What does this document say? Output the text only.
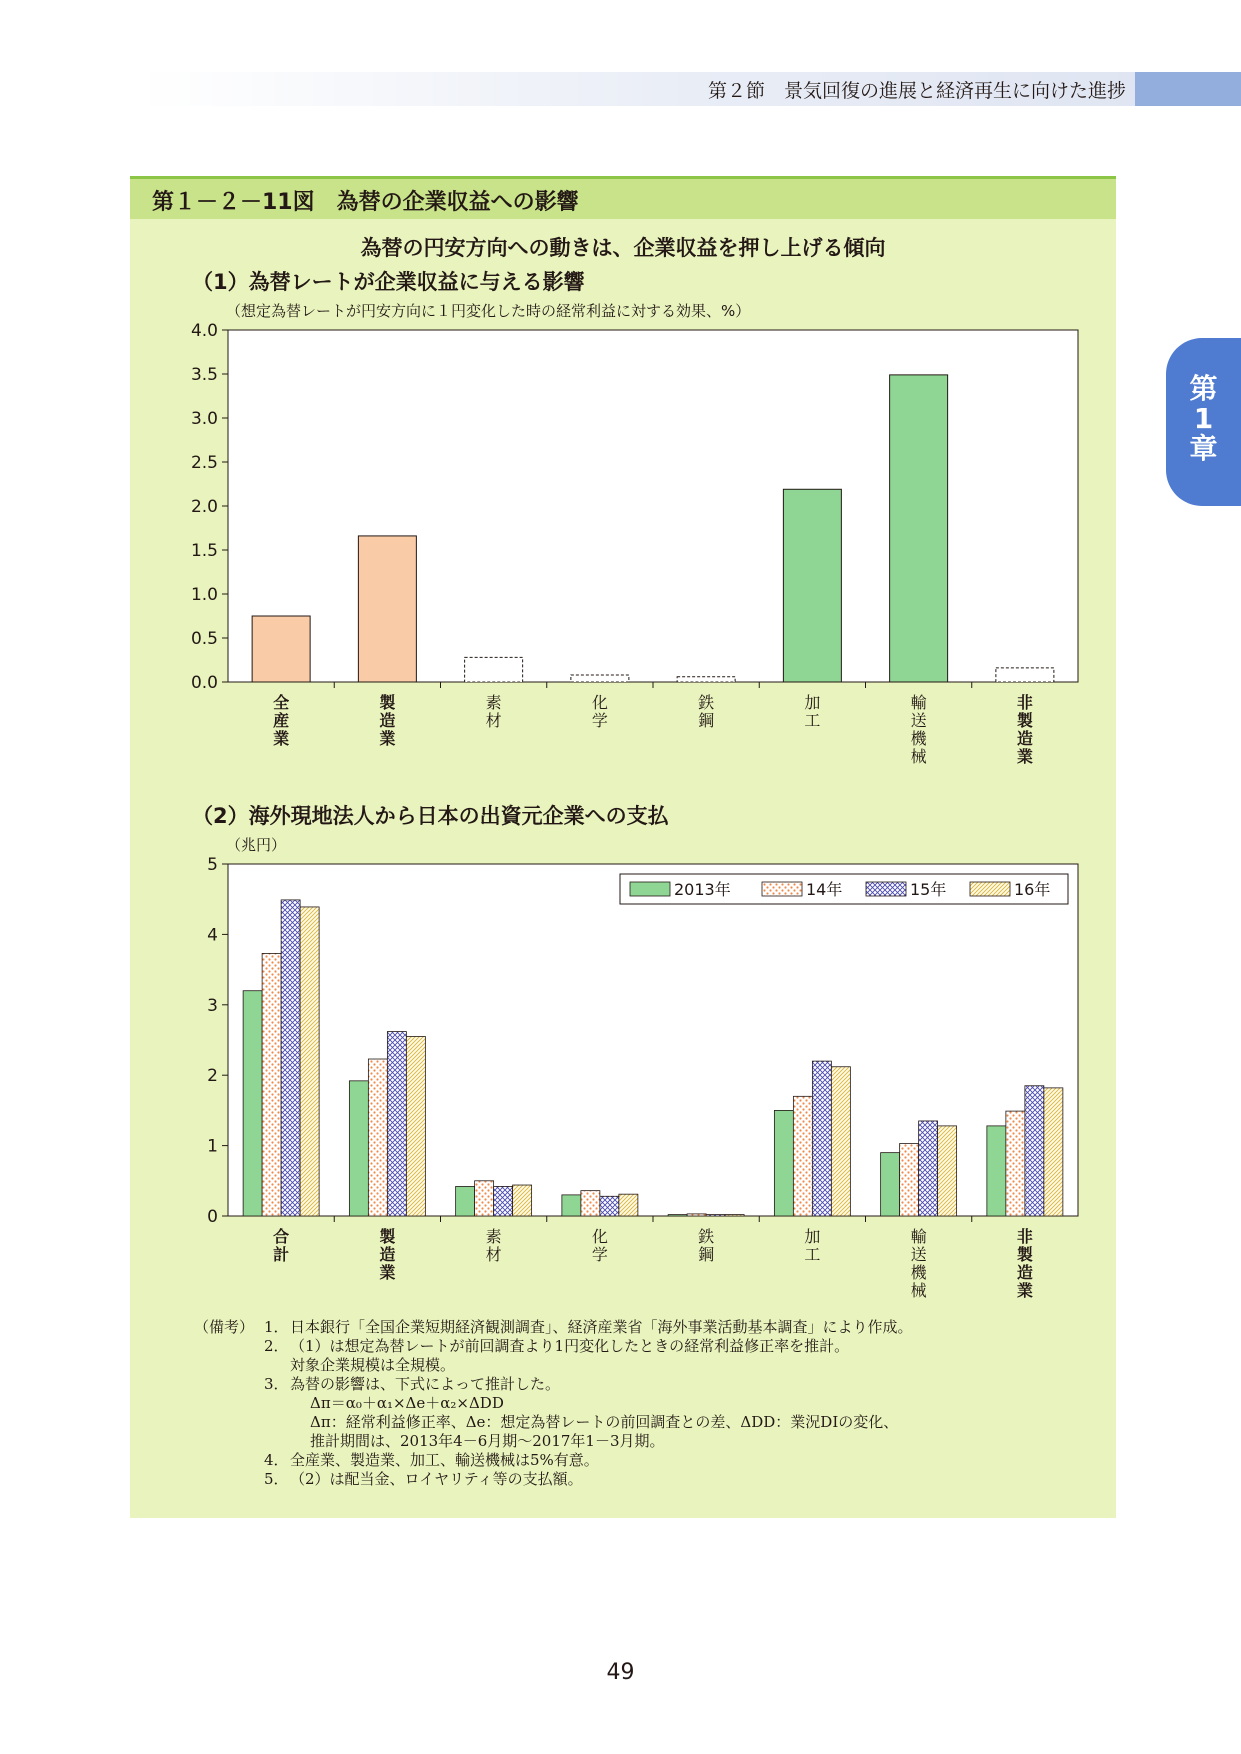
第２節　景気回復の進展と経済再生に向けた進捗
第
1
章
第１－２－11図　為替の企業収益への影響
為替の円安方向への動きは、企業収益を押し上げる傾向
（1）為替レートが企業収益に与える影響
（想定為替レートが円安方向に１円変化した時の経常利益に対する効果、%）
0.0
0.5
1.0
1.5
2.0
2.5
3.0
3.5
4.0
全産業
製造業
素材
化学
鉄鋼
加工
輸送機械
非製造業
（2）海外現地法人から日本の出資元企業への支払
（兆円）
0
1
2
3
4
5
合計
製造業
素材
化学
鉄鋼
加工
輸送機械
非製造業
2013年	14年	15年	16年
（備考） 1． 日本銀行「全国企業短期経済観測調査」、経済産業省「海外事業活動基本調査」により作成。
2． （1）は想定為替レートが前回調査より1円変化したときの経常利益修正率を推計。
対象企業規模は全規模。
3． 為替の影響は、下式によって推計した。
Δπ＝α₀＋α₁×Δe＋α₂×ΔDD
Δπ：経常利益修正率、Δe：想定為替レートの前回調査との差、ΔDD：業況DIの変化、
推計期間は、2013年4－6月期～2017年1－3月期。
4． 全産業、製造業、加工、輸送機械は5%有意。
5． （2）は配当金、ロイヤリティ等の支払額。
49
